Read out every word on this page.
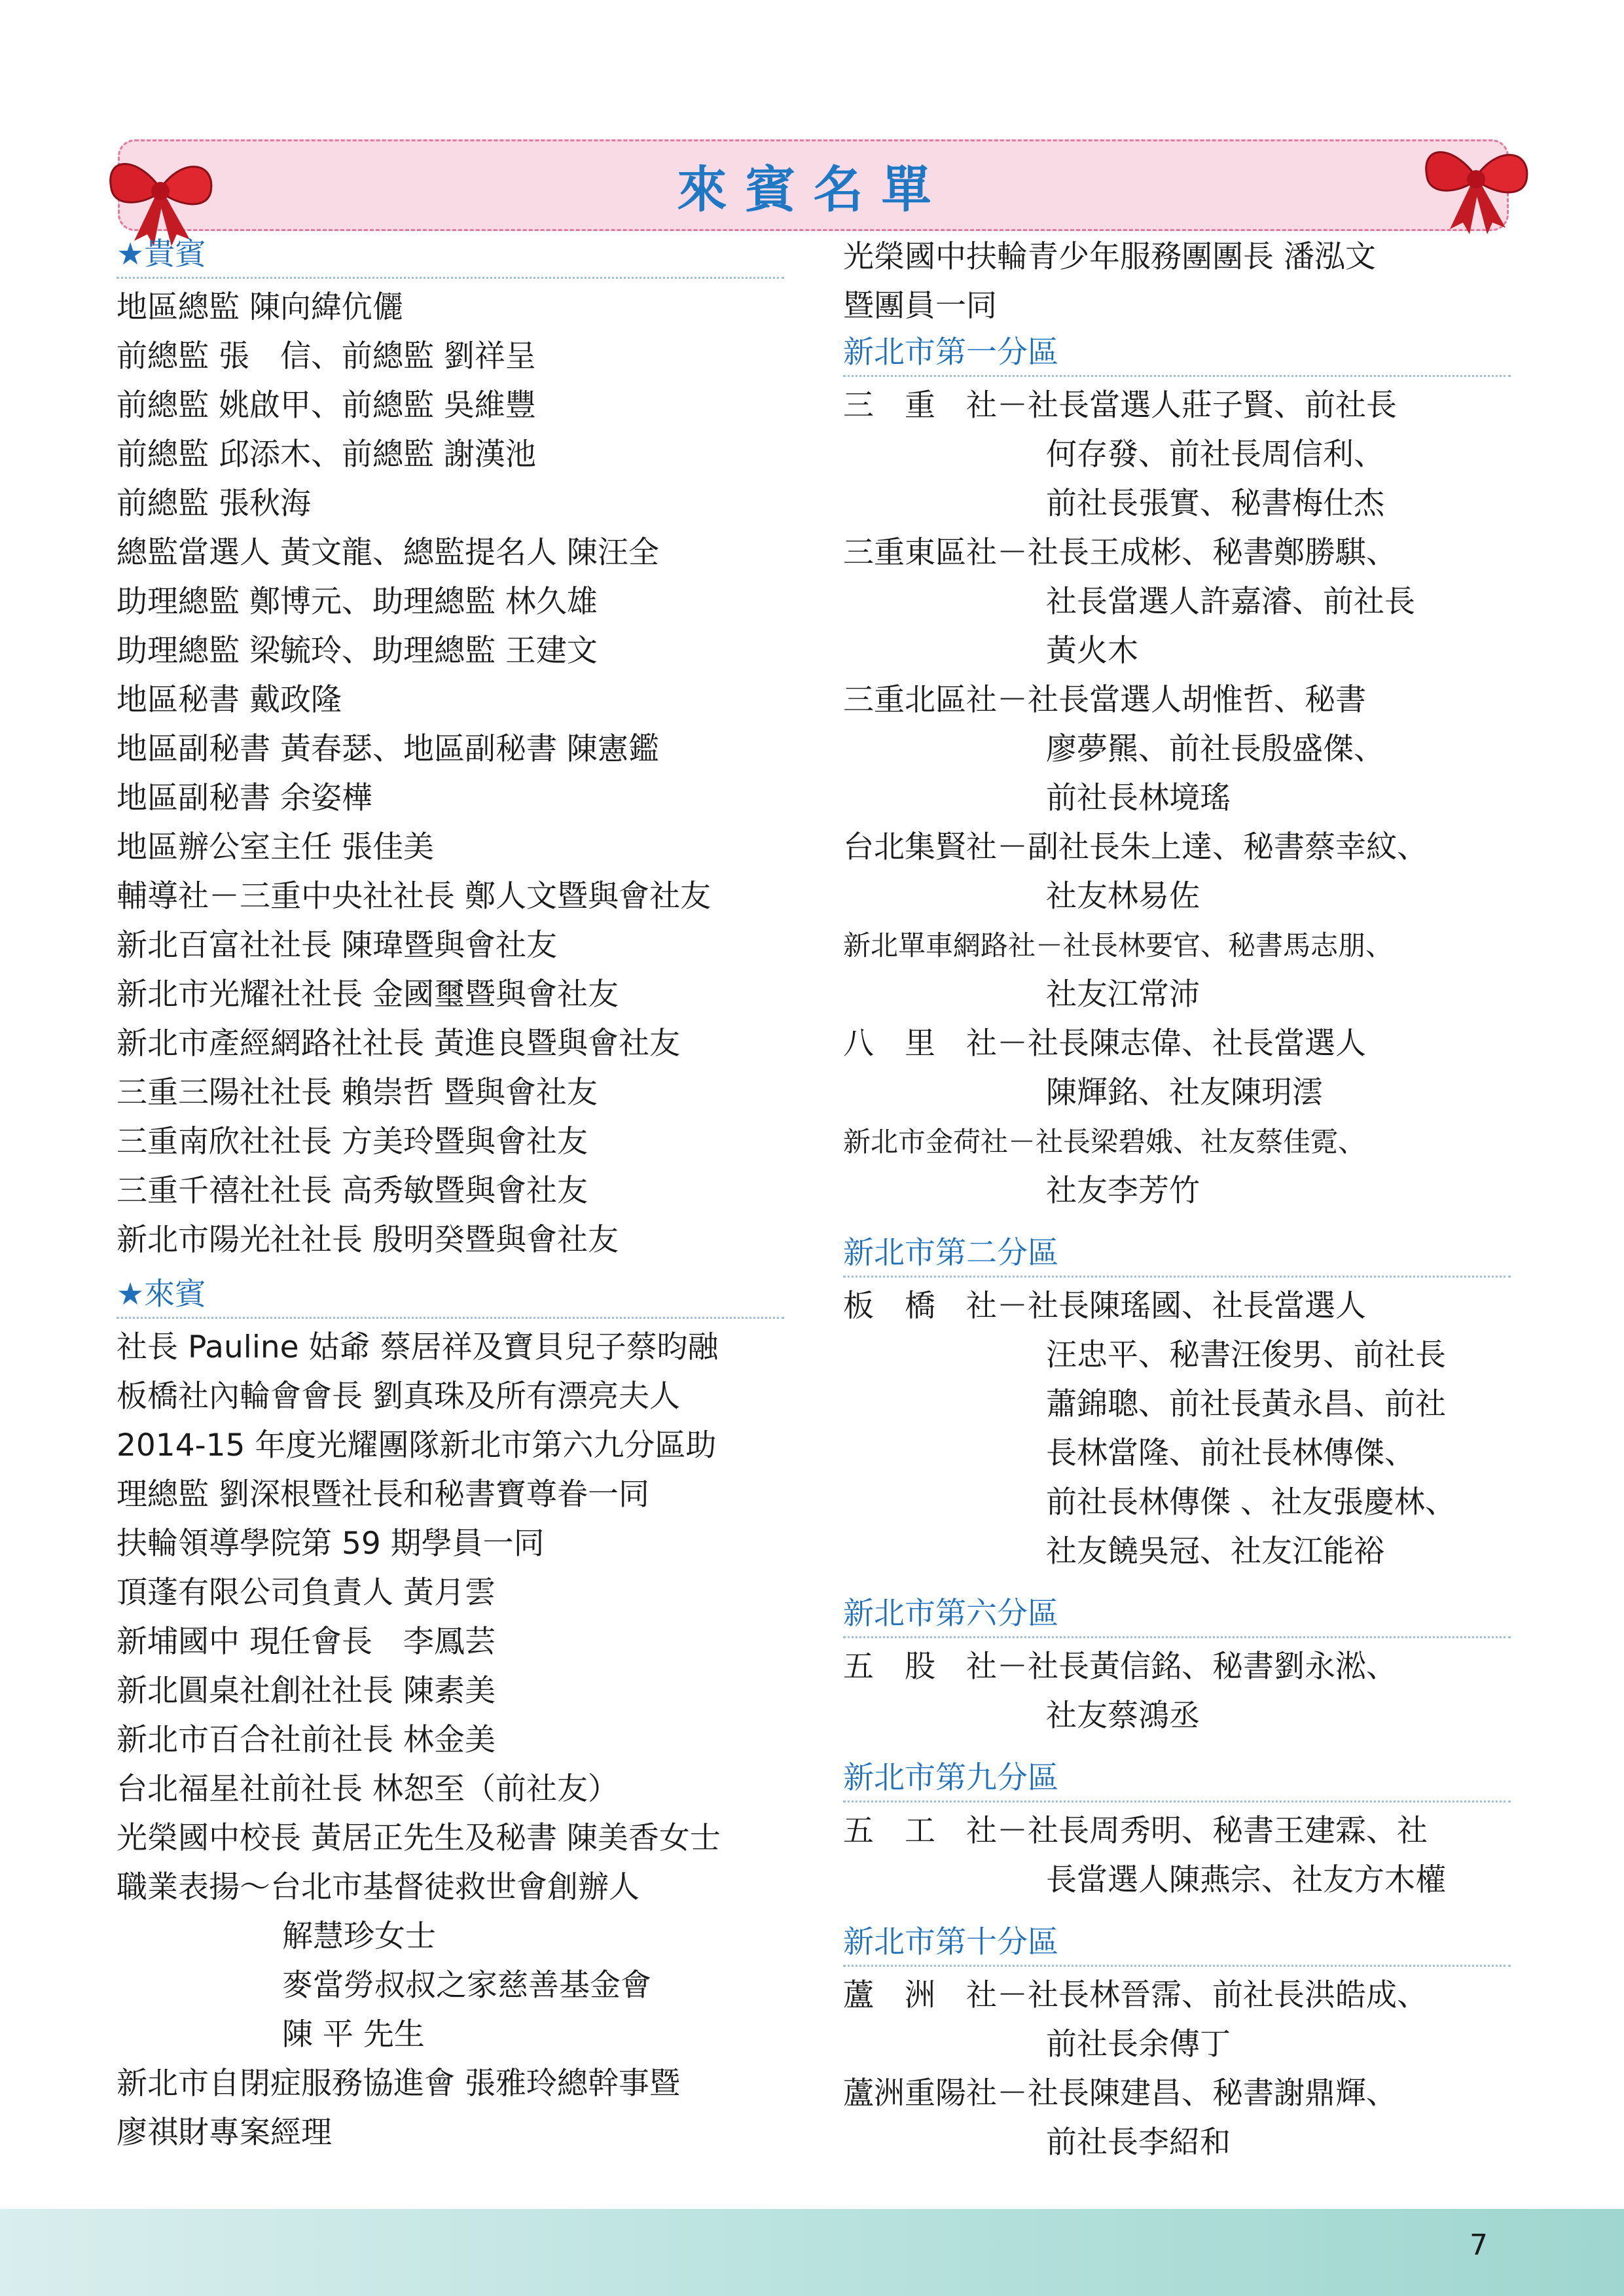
來賓名單
★貴賓
地區總監 陳向緯伉儷
前總監 張　信、前總監 劉祥呈
前總監 姚啟甲、前總監 吳維豐
前總監 邱添木、前總監 謝漢池
前總監 張秋海
總監當選人 黃文龍、總監提名人 陳汪全
助理總監 鄭博元、助理總監 林久雄
助理總監 梁毓玲、助理總監 王建文
地區秘書 戴政隆
地區副秘書 黃春瑟、地區副秘書 陳憲鑑
地區副秘書 余姿樺
地區辦公室主任 張佳美
輔導社－三重中央社社長 鄭人文暨與會社友
新北百富社社長 陳瑋暨與會社友
新北市光耀社社長 金國璽暨與會社友
新北市產經網路社社長 黃進良暨與會社友
三重三陽社社長 賴崇哲 暨與會社友
三重南欣社社長 方美玲暨與會社友
三重千禧社社長 高秀敏暨與會社友
新北市陽光社社長 殷明癸暨與會社友
★來賓
社長 Pauline 姑爺 蔡居祥及寶貝兒子蔡昀融
板橋社內輪會會長 劉真珠及所有漂亮夫人
2014-15 年度光耀團隊新北市第六九分區助
理總監 劉深根暨社長和秘書寶尊眷一同
扶輪領導學院第 59 期學員一同
頂蓬有限公司負責人 黃月雲
新埔國中 現任會長　李鳳芸
新北圓桌社創社社長 陳素美
新北市百合社前社長 林金美
台北福星社前社長 林恕至（前社友）
光榮國中校長 黃居正先生及秘書 陳美香女士
職業表揚～台北市基督徒救世會創辦人
解慧珍女士
麥當勞叔叔之家慈善基金會
陳 平 先生
新北市自閉症服務協進會 張雅玲總幹事暨
廖祺財專案經理
光榮國中扶輪青少年服務團團長 潘泓文
暨團員一同
新北市第一分區
三　重　社－社長當選人莊子賢、前社長
何存發、前社長周信利、
前社長張實、秘書梅仕杰
三重東區社－社長王成彬、秘書鄭勝騏、
社長當選人許嘉濬、前社長
黃火木
三重北區社－社長當選人胡惟哲、秘書
廖夢羆、前社長殷盛傑、
前社長林境瑤
台北集賢社－副社長朱上達、秘書蔡幸紋、
社友林易佐
新北單車網路社－社長林要官、秘書馬志朋、
社友江常沛
八　里　社－社長陳志偉、社長當選人
陳輝銘、社友陳玥澐
新北市金荷社－社長梁碧娥、社友蔡佳霓、
社友李芳竹
新北市第二分區
板　橋　社－社長陳瑤國、社長當選人
汪忠平、秘書汪俊男、前社長
蕭錦聰、前社長黃永昌、前社
長林當隆、前社長林傳傑、
前社長林傳傑 、社友張慶林、
社友饒吳冠、社友江能裕
新北市第六分區
五　股　社－社長黃信銘、秘書劉永淞、
社友蔡鴻丞
新北市第九分區
五　工　社－社長周秀明、秘書王建霖、社
長當選人陳燕宗、社友方木權
新北市第十分區
蘆　洲　社－社長林晉霈、前社長洪皓成、
前社長余傳丁
蘆洲重陽社－社長陳建昌、秘書謝鼎輝、
前社長李紹和
7
